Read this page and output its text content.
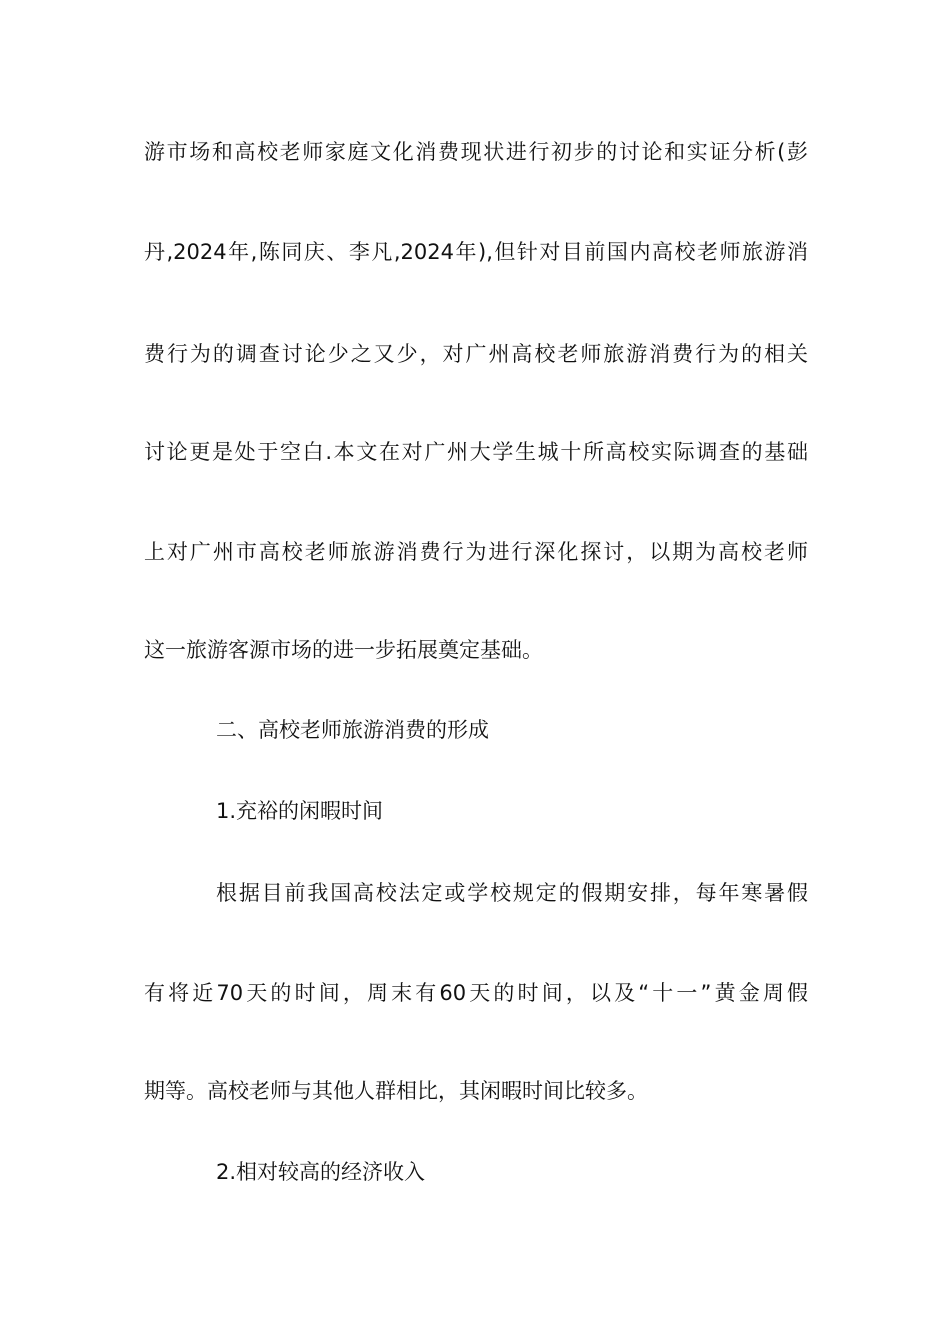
游市场和高校老师家庭文化消费现状进行初步的讨论和实证分析(彭
丹,2024年,陈同庆、李凡,2024年),但针对目前国内高校老师旅游消
费行为的调查讨论少之又少，对广州高校老师旅游消费行为的相关
讨论更是处于空白.本文在对广州大学生城十所高校实际调查的基础
上对广州市高校老师旅游消费行为进行深化探讨，以期为高校老师
这一旅游客源市场的进一步拓展奠定基础。
二、高校老师旅游消费的形成
1.充裕的闲暇时间
根据目前我国高校法定或学校规定的假期安排，每年寒暑假
有将近70天的时间，周末有60天的时间，以及“十一”黄金周假
期等。高校老师与其他人群相比，其闲暇时间比较多。
2.相对较高的经济收入
